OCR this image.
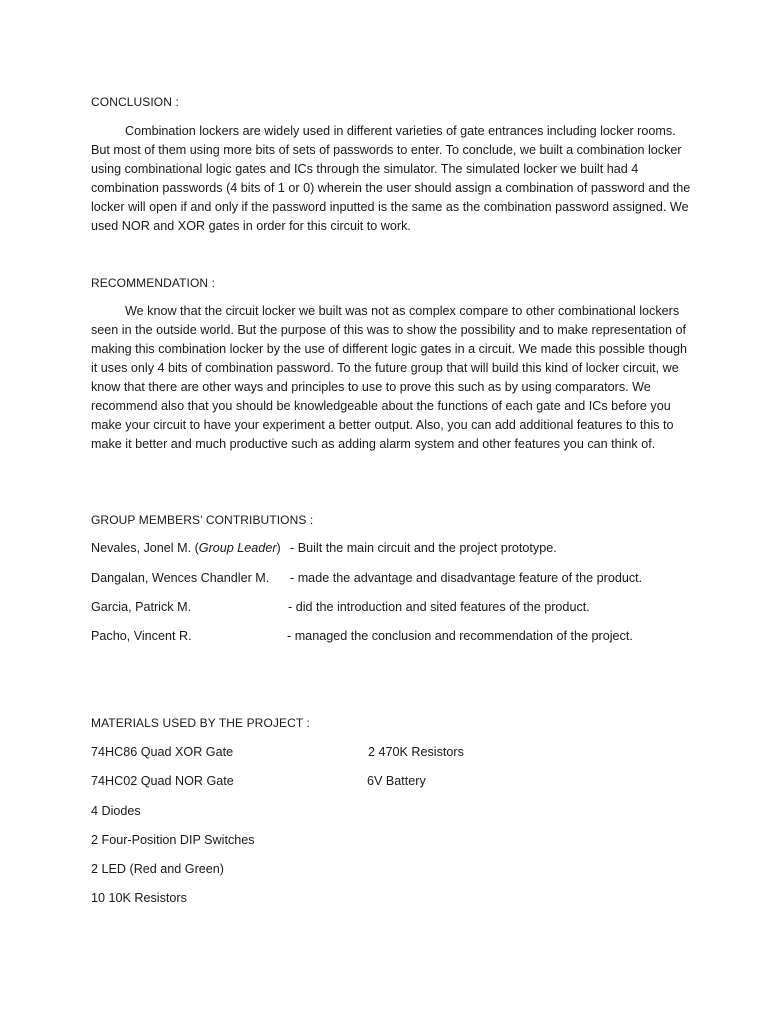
CONCLUSION :

Combination lockers are widely used in different varieties of gate entrances including locker rooms. But most of them using more bits of sets of passwords to enter. To conclude, we built a combination locker using combinational logic gates and ICs through the simulator. The simulated locker we built had 4 combination passwords (4 bits of 1 or 0) wherein the user should assign a combination of password and the locker will open if and only if the password inputted is the same as the combination password assigned. We used NOR and XOR gates in order for this circuit to work.

RECOMMENDATION :

We know that the circuit locker we built was not as complex compare to other combinational lockers seen in the outside world. But the purpose of this was to show the possibility and to make representation of making this combination locker by the use of different logic gates in a circuit. We made this possible though it uses only 4 bits of combination password. To the future group that will build this kind of locker circuit, we know that there are other ways and principles to use to prove this such as by using comparators. We recommend also that you should be knowledgeable about the functions of each gate and ICs before you make your circuit to have your experiment a better output. Also, you can add additional features to this to make it better and much productive such as adding alarm system and other features you can think of.

GROUP MEMBERS’ CONTRIBUTIONS :
Nevales, Jonel M. (Group Leader) - Built the main circuit and the project prototype.
Dangalan, Wences Chandler M. - made the advantage and disadvantage feature of the product.
Garcia, Patrick M.	- did the introduction and sited features of the product.
Pacho, Vincent R.	- managed the conclusion and recommendation of the project.
MATERIALS USED BY THE PROJECT :
74HC86 Quad XOR Gate	2 470K Resistors
74HC02 Quad NOR Gate	6V Battery
4 Diodes
2 Four-Position DIP Switches
2 LED (Red and Green)
10 10K Resistors
